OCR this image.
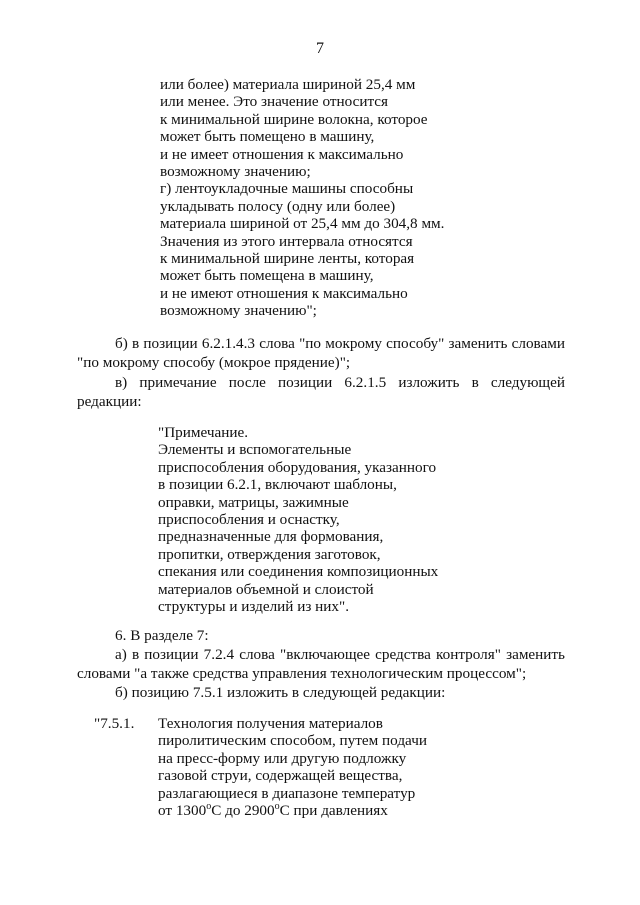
7
или более) материала шириной 25,4 мм
или менее. Это значение относится
к минимальной ширине волокна, которое
может быть помещено в машину,
и не имеет отношения к максимально
возможному значению;
г) лентоукладочные машины способны
укладывать полосу (одну или более)
материала шириной от 25,4 мм до 304,8 мм.
Значения из этого интервала относятся
к минимальной ширине ленты, которая
может быть помещена в машину,
и не имеют отношения к максимально
возможному значению";
б) в позиции 6.2.1.4.3 слова "по мокрому способу" заменить словами
"по мокрому способу (мокрое прядение)";
в) примечание после позиции 6.2.1.5 изложить в следующей
редакции:
"Примечание.
Элементы и вспомогательные
приспособления оборудования, указанного
в позиции 6.2.1, включают шаблоны,
оправки, матрицы, зажимные
приспособления и оснастку,
предназначенные для формования,
пропитки, отверждения заготовок,
спекания или соединения композиционных
материалов объемной и слоистой
структуры и изделий из них".
6. В разделе 7:
а) в позиции 7.2.4 слова "включающее средства контроля" заменить
словами "а также средства управления технологическим процессом";
б) позицию 7.5.1 изложить в следующей редакции:
"7.5.1. Технология получения материалов
пиролитическим способом, путем подачи
на пресс-форму или другую подложку
газовой струи, содержащей вещества,
разлагающиеся в диапазоне температур
от $1300^оС$ до $2900^оС$ при давлениях
